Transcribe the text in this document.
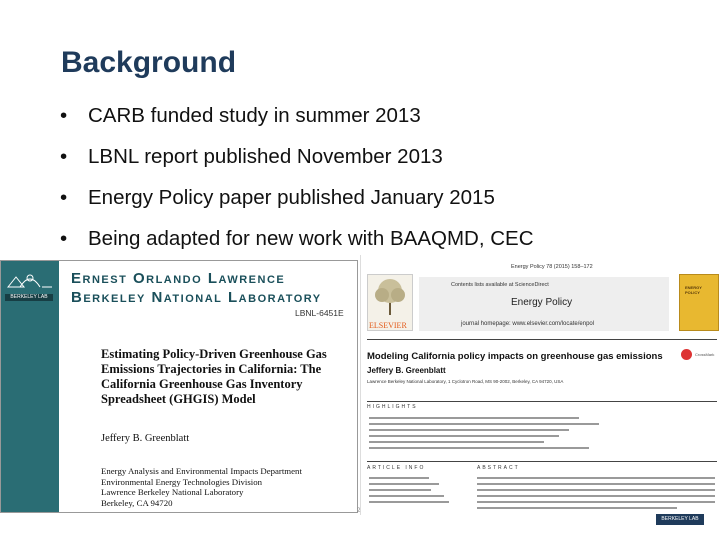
Background
• CARB funded study in summer 2013
• LBNL report published November 2013
• Energy Policy paper published January 2015
• Being adapted for new work with BAAQMD, CEC
BERKELEY LAB
Ernest Orlando Lawrence
Berkeley National Laboratory
LBNL-6451E
Estimating Policy-Driven Greenhouse Gas Emissions Trajectories in California: The California Greenhouse Gas Inventory Spreadsheet (GHGIS) Model
Jeffery B. Greenblatt
Energy Analysis and Environmental Impacts Department
Environmental Energy Technologies Division
Lawrence Berkeley National Laboratory
Berkeley, CA 94720
Energy Policy 78 (2015) 158–172
ELSEVIER
Contents lists available at ScienceDirect
Energy Policy
journal homepage: www.elsevier.com/locate/enpol
ENERGY POLICY
Modeling California policy impacts on greenhouse gas emissions	CrossMark
Jeffery B. Greenblatt
Lawrence Berkeley National Laboratory, 1 Cyclotron Road, MS 90-2002, Berkeley, CA 94720, USA
HIGHLIGHTS
ARTICLE INFO	ABSTRACT
2
BERKELEY LAB
